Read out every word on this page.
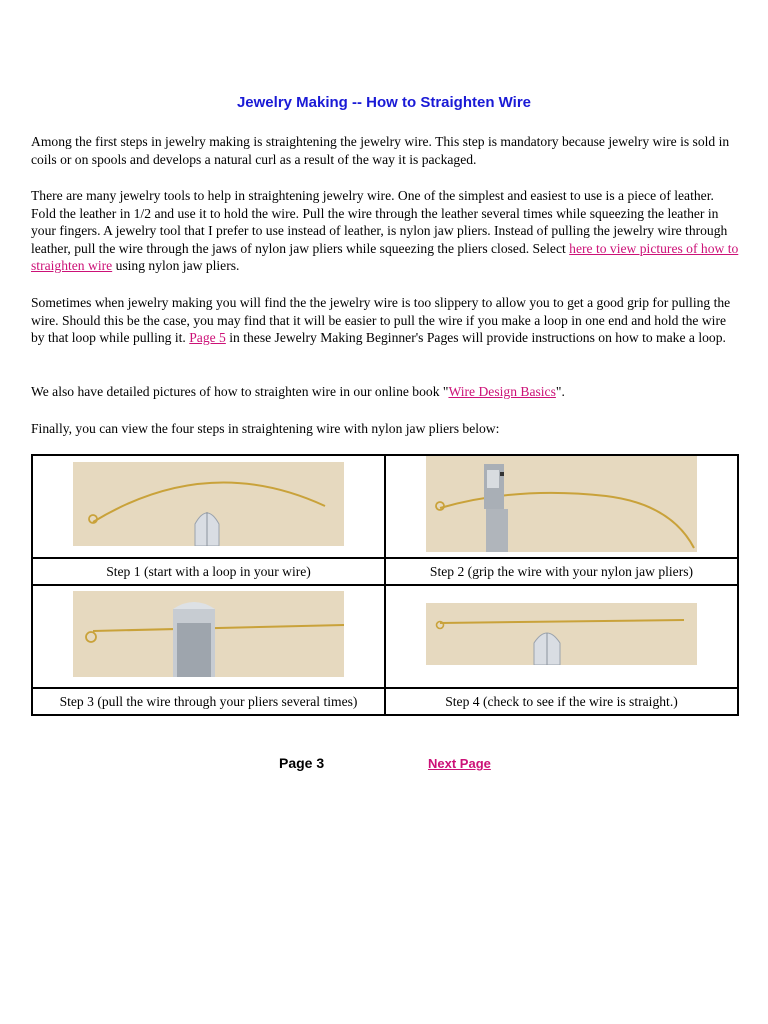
Jewelry Making -- How to Straighten Wire

Among the first steps in jewelry making is straightening the jewelry wire. This step is mandatory because jewelry wire is sold in coils or on spools and develops a natural curl as a result of the way it is packaged.

There are many jewelry tools to help in straightening jewelry wire. One of the simplest and easiest to use is a piece of leather. Fold the leather in 1/2 and use it to hold the wire. Pull the wire through the leather several times while squeezing the leather in your fingers. A jewelry tool that I prefer to use instead of leather, is nylon jaw pliers. Instead of pulling the jewelry wire through leather, pull the wire through the jaws of nylon jaw pliers while squeezing the pliers closed. Select here to view pictures of how to straighten wire using nylon jaw pliers.

Sometimes when jewelry making you will find the the jewelry wire is too slippery to allow you to get a good grip for pulling the wire. Should this be the case, you may find that it will be easier to pull the wire if you make a loop in one end and hold the wire by that loop while pulling it. Page 5 in these Jewelry Making Beginner's Pages will provide instructions on how to make a loop.

We also have detailed pictures of how to straighten wire in our online book "Wire Design Basics".

Finally, you can view the four steps in straightening wire with nylon jaw pliers below:

Step 1 (start with a loop in your wire)	Step 2 (grip the wire with your nylon jaw pliers)

Step 3 (pull the wire through your pliers several times)	Step 4 (check to see if the wire is straight.)
Page 3	Next Page
